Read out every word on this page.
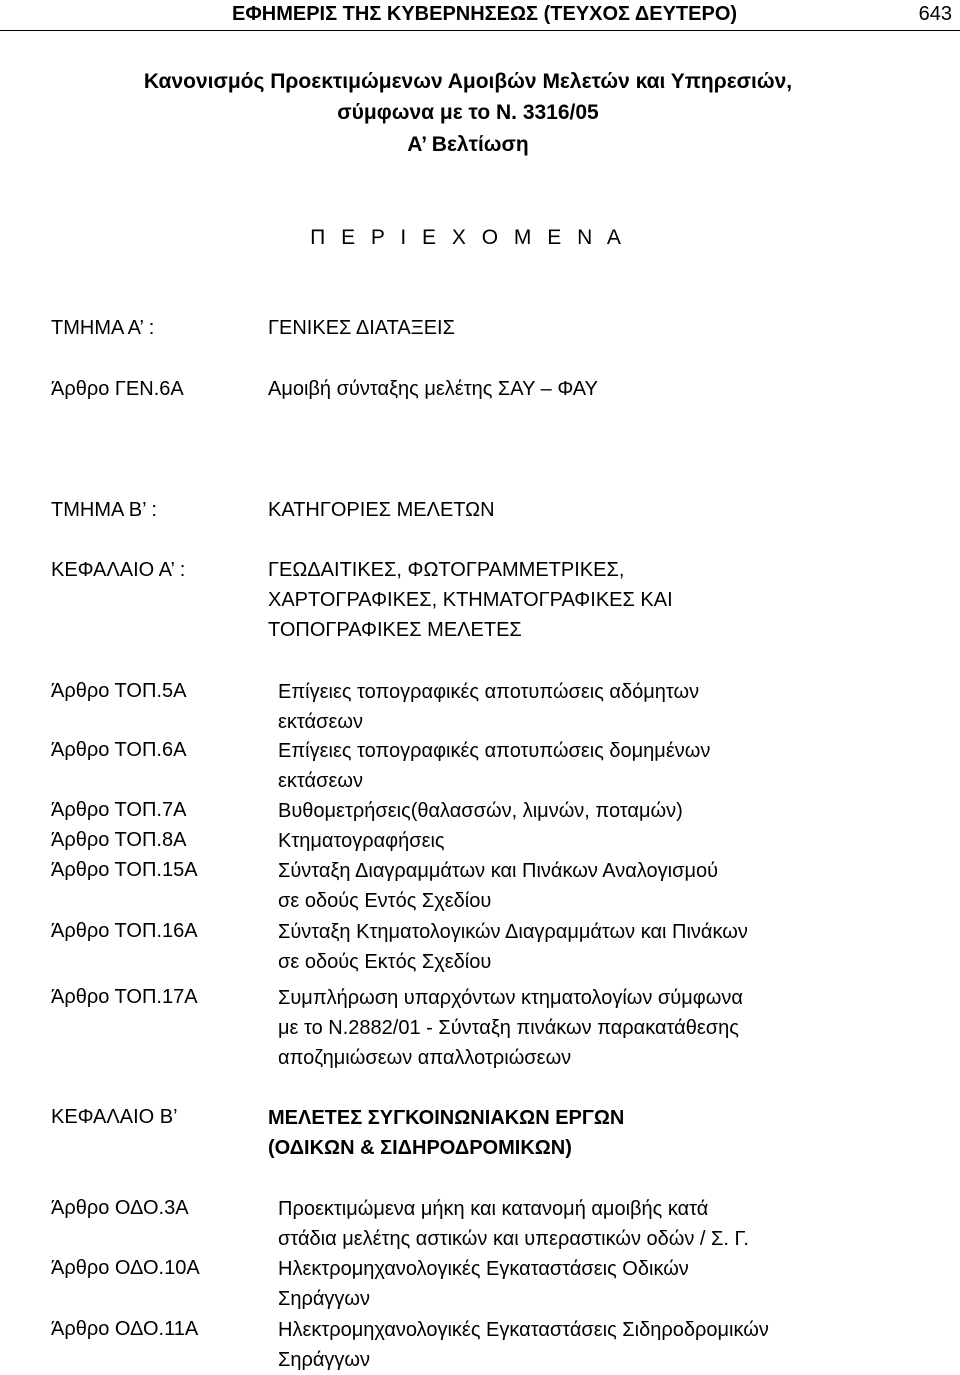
ΕΦΗΜΕΡΙΣ ΤΗΣ ΚΥΒΕΡΝΗΣΕΩΣ (ΤΕΥΧΟΣ ΔΕΥΤΕΡΟ)	643
Κανονισμός Προεκτιμώμενων Αμοιβών Μελετών και Υπηρεσιών,
σύμφωνα με το Ν. 3316/05
Α’ Βελτίωση
Π Ε Ρ Ι Ε Χ Ο Μ Ε Ν Α
ΤΜΗΜΑ Α’ :	ΓΕΝΙΚΕΣ ΔΙΑΤΑΞΕΙΣ
Άρθρο ΓΕΝ.6Α	Αμοιβή σύνταξης μελέτης ΣΑΥ – ΦΑΥ
ΤΜΗΜΑ Β’ :	ΚΑΤΗΓΟΡΙΕΣ ΜΕΛΕΤΩΝ
ΚΕΦΑΛΑΙΟ Α’ :	ΓΕΩΔΑΙΤΙΚΕΣ, ΦΩΤΟΓΡΑΜΜΕΤΡΙΚΕΣ,
ΧΑΡΤΟΓΡΑΦΙΚΕΣ, ΚΤΗΜΑΤΟΓΡΑΦΙΚΕΣ ΚΑΙ
ΤΟΠΟΓΡΑΦΙΚΕΣ ΜΕΛΕΤΕΣ
Άρθρο ΤΟΠ.5Α	Επίγειες τοπογραφικές αποτυπώσεις αδόμητων
εκτάσεων
Άρθρο ΤΟΠ.6Α	Επίγειες τοπογραφικές αποτυπώσεις δομημένων
εκτάσεων
Άρθρο ΤΟΠ.7Α	Βυθομετρήσεις(θαλασσών, λιμνών, ποταμών)
Άρθρο ΤΟΠ.8Α	Κτηματογραφήσεις
Άρθρο ΤΟΠ.15Α	Σύνταξη Διαγραμμάτων και Πινάκων Αναλογισμού
σε οδούς Εντός Σχεδίου
Άρθρο ΤΟΠ.16Α	Σύνταξη Κτηματολογικών Διαγραμμάτων και Πινάκων
σε οδούς Εκτός Σχεδίου
Άρθρο ΤΟΠ.17Α	Συμπλήρωση υπαρχόντων κτηματολογίων σύμφωνα
με το Ν.2882/01 - Σύνταξη πινάκων παρακατάθεσης
αποζημιώσεων απαλλοτριώσεων
ΚΕΦΑΛΑΙΟ Β’	ΜΕΛΕΤΕΣ ΣΥΓΚΟΙΝΩΝΙΑΚΩΝ ΕΡΓΩΝ
(ΟΔΙΚΩΝ & ΣΙΔΗΡΟΔΡΟΜΙΚΩΝ)
Άρθρο ΟΔΟ.3Α	Προεκτιμώμενα μήκη και κατανομή αμοιβής κατά
στάδια μελέτης αστικών και υπεραστικών οδών / Σ. Γ.
Άρθρο ΟΔΟ.10Α	Ηλεκτρομηχανολογικές Εγκαταστάσεις Οδικών
Σηράγγων
Άρθρο ΟΔΟ.11Α	Ηλεκτρομηχανολογικές Εγκαταστάσεις Σιδηροδρομικών
Σηράγγων
